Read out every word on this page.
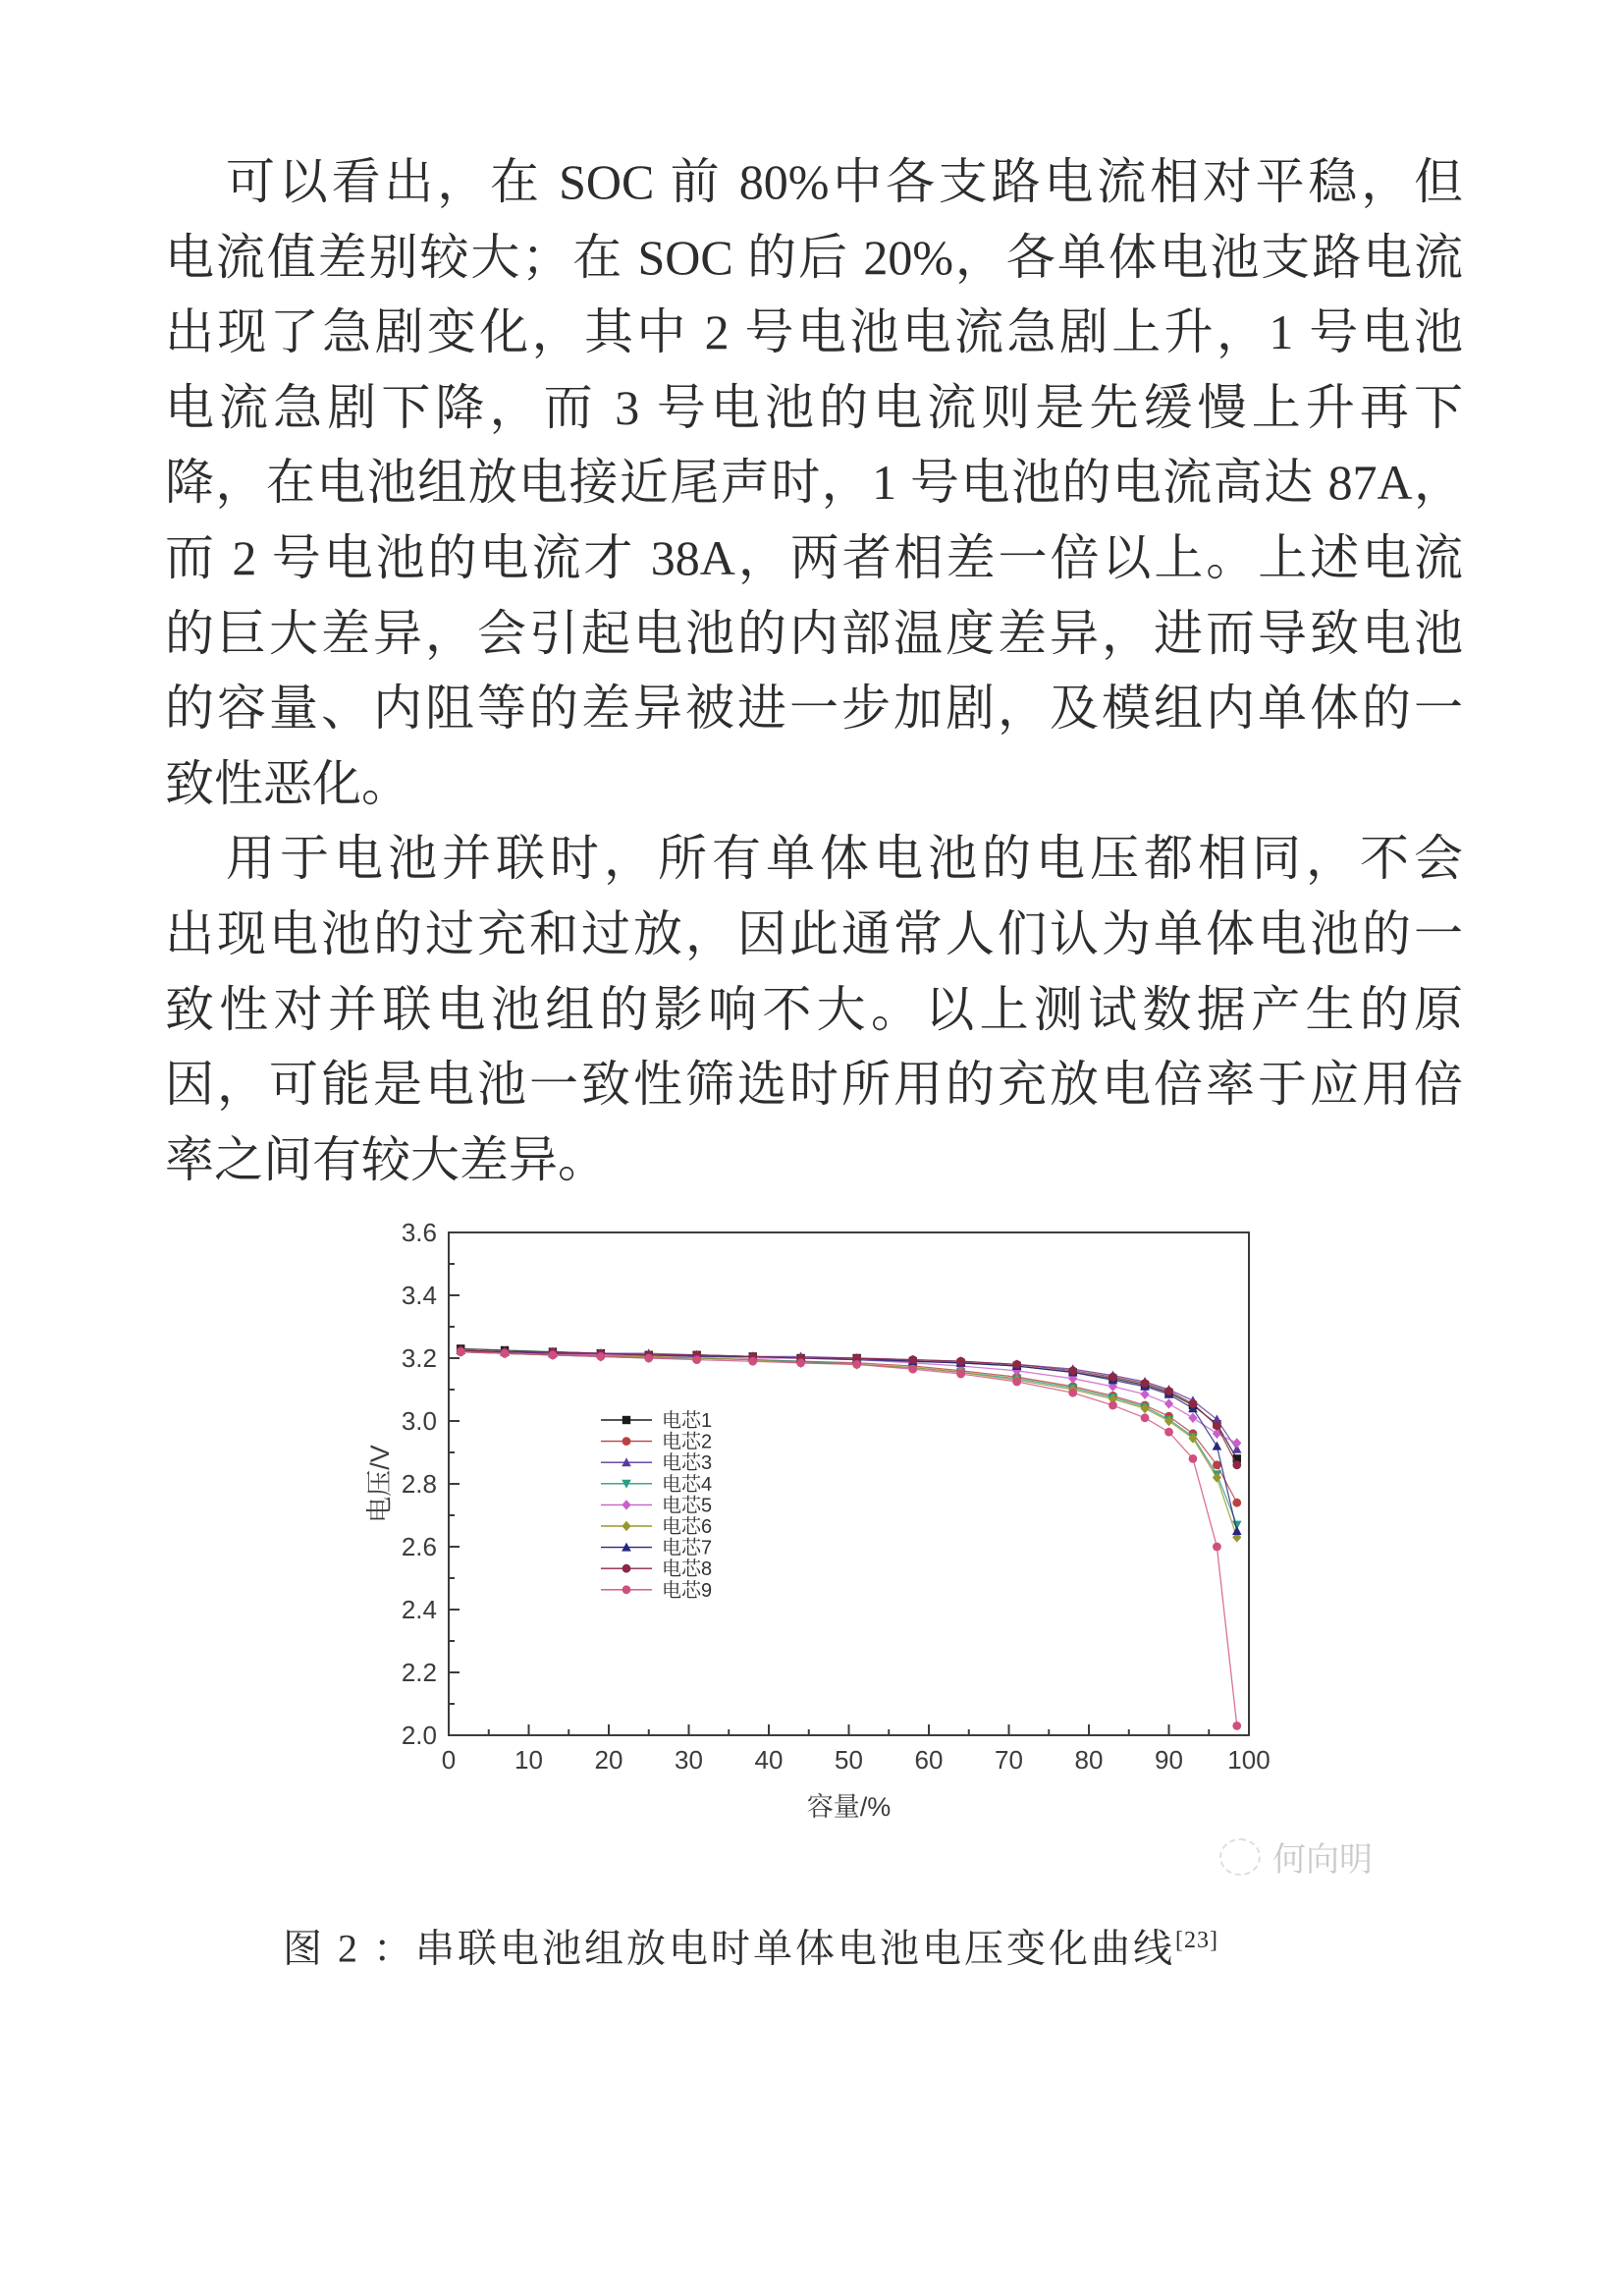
可以看出，在 SOC 前 80%中各支路电流相对平稳，但

电流值差别较大；在 SOC 的后 20%，各单体电池支路电流

出现了急剧变化，其中 2 号电池电流急剧上升，1 号电池

电流急剧下降，而 3 号电池的电流则是先缓慢上升再下

降，在电池组放电接近尾声时，1 号电池的电流高达 87A，

而 2 号电池的电流才 38A，两者相差一倍以上。上述电流

的巨大差异，会引起电池的内部温度差异，进而导致电池

的容量、内阻等的差异被进一步加剧，及模组内单体的一

致性恶化。

用于电池并联时，所有单体电池的电压都相同，不会

出现电池的过充和过放，因此通常人们认为单体电池的一

致性对并联电池组的影响不大。以上测试数据产生的原

因，可能是电池一致性筛选时所用的充放电倍率于应用倍

率之间有较大差异。

2.0
2.2
2.4
2.6
2.8
3.0
3.2
3.4
3.6
0 10 20 30 40 50 60 70 80 90 100
电压/V
容量/%
电芯1
电芯2
电芯3
电芯4
电芯5
电芯6
电芯7
电芯8
电芯9
何向明
图 2 ：串联电池组放电时单体电池电压变化曲线[23]
